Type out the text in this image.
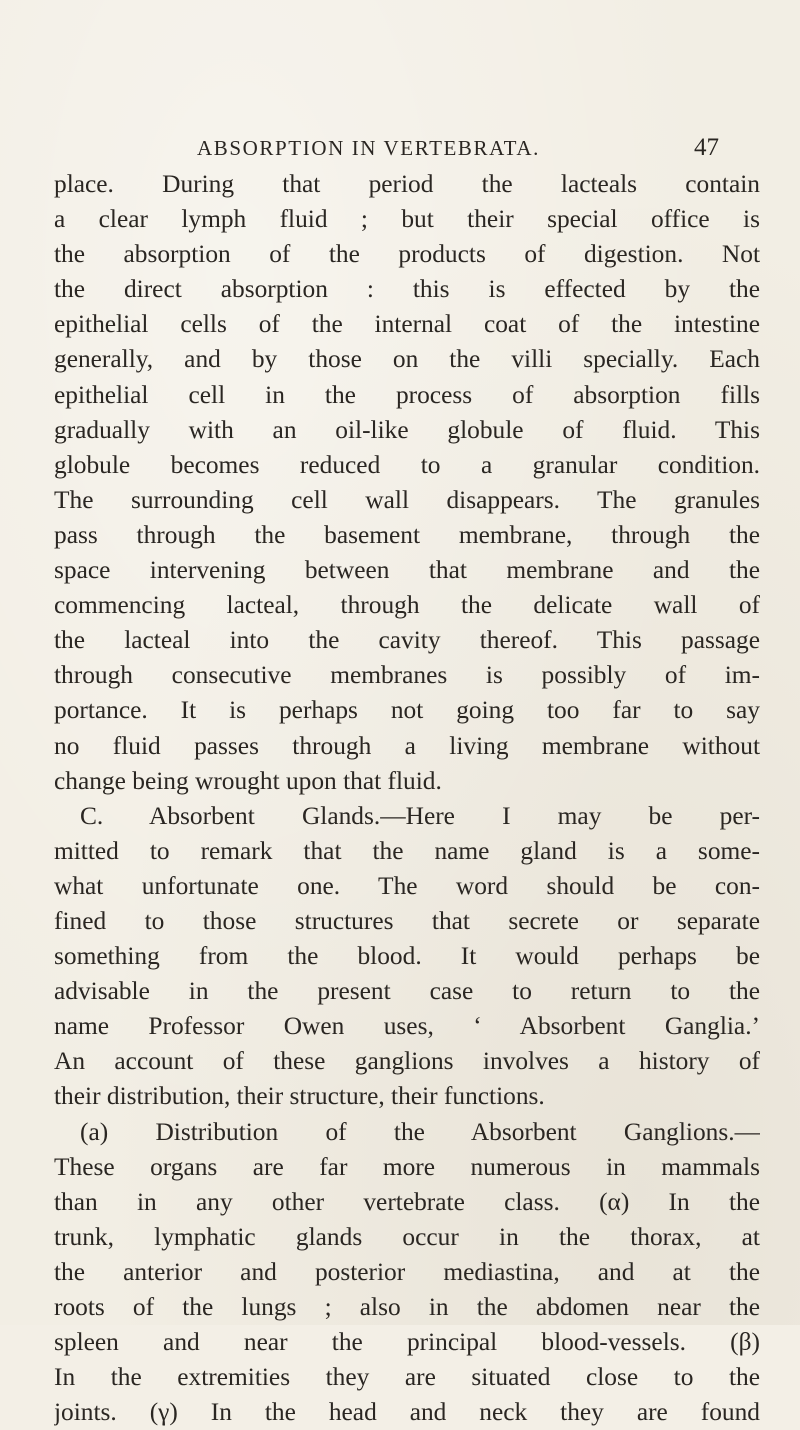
ABSORPTION IN VERTEBRATA.	47
place. During that period the lacteals contain
a clear lymph fluid ; but their special office is
the absorption of the products of digestion. Not
the direct absorption : this is effected by the
epithelial cells of the internal coat of the intestine
generally, and by those on the villi specially. Each
epithelial cell in the process of absorption fills
gradually with an oil-like globule of fluid. This
globule becomes reduced to a granular condition.
The surrounding cell wall disappears. The granules
pass through the basement membrane, through the
space intervening between that membrane and the
commencing lacteal, through the delicate wall of
the lacteal into the cavity thereof. This passage
through consecutive membranes is possibly of im-
portance. It is perhaps not going too far to say
no fluid passes through a living membrane without
change being wrought upon that fluid.
C. Absorbent Glands.—Here I may be per-
mitted to remark that the name gland is a some-
what unfortunate one. The word should be con-
fined to those structures that secrete or separate
something from the blood. It would perhaps be
advisable in the present case to return to the
name Professor Owen uses, ‘ Absorbent Ganglia.’
An account of these ganglions involves a history of
their distribution, their structure, their functions.
(a) Distribution of the Absorbent Ganglions.—
These organs are far more numerous in mammals
than in any other vertebrate class. (α) In the
trunk, lymphatic glands occur in the thorax, at
the anterior and posterior mediastina, and at the
roots of the lungs ; also in the abdomen near the
spleen and near the principal blood-vessels. (β)
In the extremities they are situated close to the
joints. (γ) In the head and neck they are found
